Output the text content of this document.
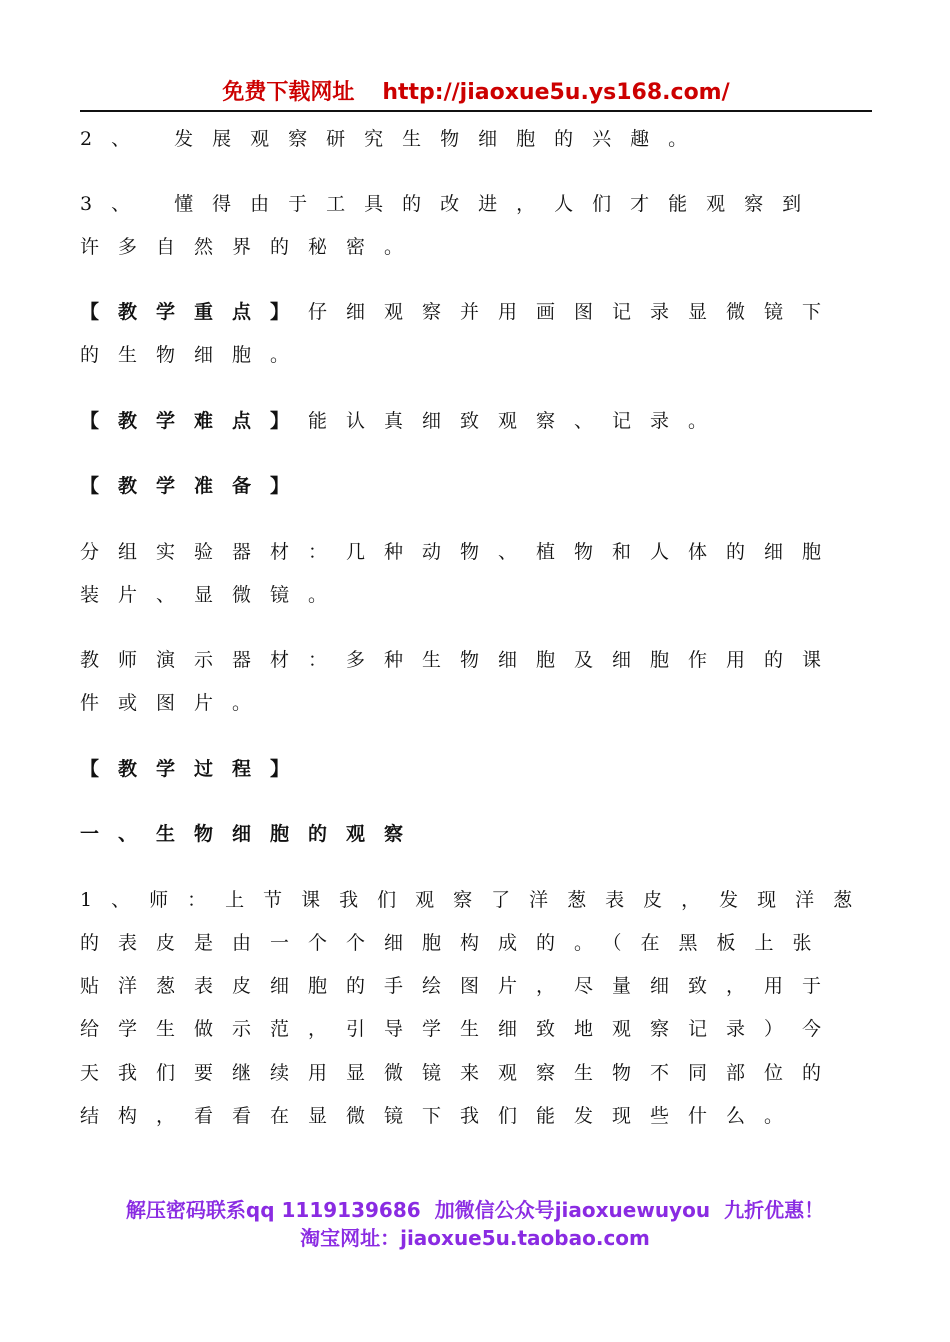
免费下载网址 http://jiaoxue5u.ys168.com/
2、 发展观察研究生物细胞的兴趣。
3、 懂得由于工具的改进，人们才能观察到
许多自然界的秘密。
【教学重点】仔细观察并用画图记录显微镜下
的生物细胞。
【教学难点】能认真细致观察、记录。
【教学准备】
分组实验器材：几种动物、植物和人体的细胞
装片、显微镜。
教师演示器材：多种生物细胞及细胞作用的课
件或图片。
【教学过程】
一、生物细胞的观察
1、师：上节课我们观察了洋葱表皮，发现洋葱
的表皮是由一个个细胞构成的。（在黑板上张
贴洋葱表皮细胞的手绘图片，尽量细致，用于
给学生做示范，引导学生细致地观察记录）今
天我们要继续用显微镜来观察生物不同部位的
结构，看看在显微镜下我们能发现些什么。
解压密码联系qq 1119139686 加微信公众号jiaoxuewuyou 九折优惠！
淘宝网址：jiaoxue5u.taobao.com
